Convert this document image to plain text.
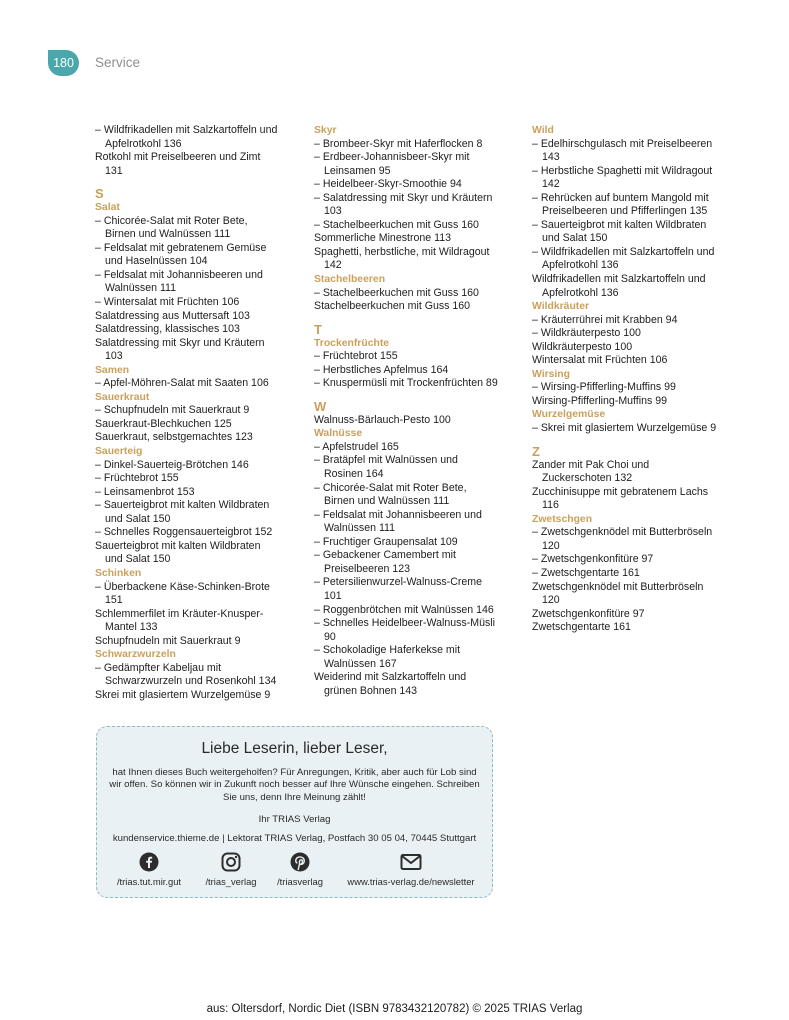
180	Service
– Wildfrikadellen mit Salzkartoffeln und Apfelrotkohl 136
Rotkohl mit Preiselbeeren und Zimt 131
S
Salat
– Chicorée-Salat mit Roter Bete, Birnen und Walnüssen 111
– Feldsalat mit gebratenem Gemüse und Haselnüssen 104
– Feldsalat mit Johannisbeeren und Walnüssen 111
– Wintersalat mit Früchten 106
Salatdressing aus Muttersaft 103
Salatdressing, klassisches 103
Salatdressing mit Skyr und Kräutern 103
Samen
– Apfel-Möhren-Salat mit Saaten 106
Sauerkraut
– Schupfnudeln mit Sauerkraut 9
Sauerkraut-Blechkuchen 125
Sauerkraut, selbstgemachtes 123
Sauerteig
– Dinkel-Sauerteig-Brötchen 146
– Früchtebrot 155
– Leinsamenbrot 153
– Sauerteigbrot mit kalten Wildbraten und Salat 150
– Schnelles Roggensauerteigbrot 152
Sauerteigbrot mit kalten Wildbraten und Salat 150
Schinken
– Überbackene Käse-Schinken-Brote 151
Schlemmerfilet im Kräuter-Knusper-Mantel 133
Schupfnudeln mit Sauerkraut 9
Schwarzwurzeln
– Gedämpfter Kabeljau mit Schwarzwurzeln und Rosenkohl 134
Skrei mit glasiertem Wurzelgemüse 9
Skyr
– Brombeer-Skyr mit Haferflocken 8
– Erdbeer-Johannisbeer-Skyr mit Leinsamen 95
– Heidelbeer-Skyr-Smoothie 94
– Salatdressing mit Skyr und Kräutern 103
– Stachelbeerkuchen mit Guss 160
Sommerliche Minestrone 113
Spaghetti, herbstliche, mit Wildragout 142
Stachelbeeren
– Stachelbeerkuchen mit Guss 160
Stachelbeerkuchen mit Guss 160
T
Trockenfrüchte
– Früchtebrot 155
– Herbstliches Apfelmus 164
– Knuspermüsli mit Trockenfrüchten 89
W
Walnuss-Bärlauch-Pesto 100
Walnüsse
– Apfelstrudel 165
– Bratäpfel mit Walnüssen und Rosinen 164
– Chicorée-Salat mit Roter Bete, Birnen und Walnüssen 111
– Feldsalat mit Johannisbeeren und Walnüssen 111
– Fruchtiger Graupensalat 109
– Gebackener Camembert mit Preiselbeeren 123
– Petersilienwurzel-Walnuss-Creme 101
– Roggenbrötchen mit Walnüssen 146
– Schnelles Heidelbeer-Walnuss-Müsli 90
– Schokoladige Haferkekse mit Walnüssen 167
Weiderind mit Salzkartoffeln und grünen Bohnen 143
Wild
– Edelhirschgulasch mit Preiselbeeren 143
– Herbstliche Spaghetti mit Wildragout 142
– Rehrücken auf buntem Mangold mit Preiselbeeren und Pfifferlingen 135
– Sauerteigbrot mit kalten Wildbraten und Salat 150
– Wildfrikadellen mit Salzkartoffeln und Apfelrotkohl 136
Wildfrikadellen mit Salzkartoffeln und Apfelrotkohl 136
Wildkräuter
– Kräuterrührei mit Krabben 94
– Wildkräuterpesto 100
Wildkräuterpesto 100
Wintersalat mit Früchten 106
Wirsing
– Wirsing-Pfifferling-Muffins 99
Wirsing-Pfifferling-Muffins 99
Wurzelgemüse
– Skrei mit glasiertem Wurzelgemüse 9
Z
Zander mit Pak Choi und Zuckerschoten 132
Zucchinisuppe mit gebratenem Lachs 116
Zwetschgen
– Zwetschgenknödel mit Butterbröseln 120
– Zwetschgenkonfitüre 97
– Zwetschgentarte 161
Zwetschgenknödel mit Butterbröseln 120
Zwetschgenkonfitüre 97
Zwetschgentarte 161
Liebe Leserin, lieber Leser,
hat Ihnen dieses Buch weitergeholfen? Für Anregungen, Kritik, aber auch für Lob sind wir offen. So können wir in Zukunft noch besser auf Ihre Wünsche eingehen. Schreiben Sie uns, denn Ihre Meinung zählt!
Ihr TRIAS Verlag
kundenservice.thieme.de | Lektorat TRIAS Verlag, Postfach 30 05 04, 70445 Stuttgart
/trias.tut.mir.gut	/trias_verlag	/triasverlag	www.trias-verlag.de/newsletter
aus: Oltersdorf, Nordic Diet (ISBN 9783432120782) © 2025 TRIAS Verlag
